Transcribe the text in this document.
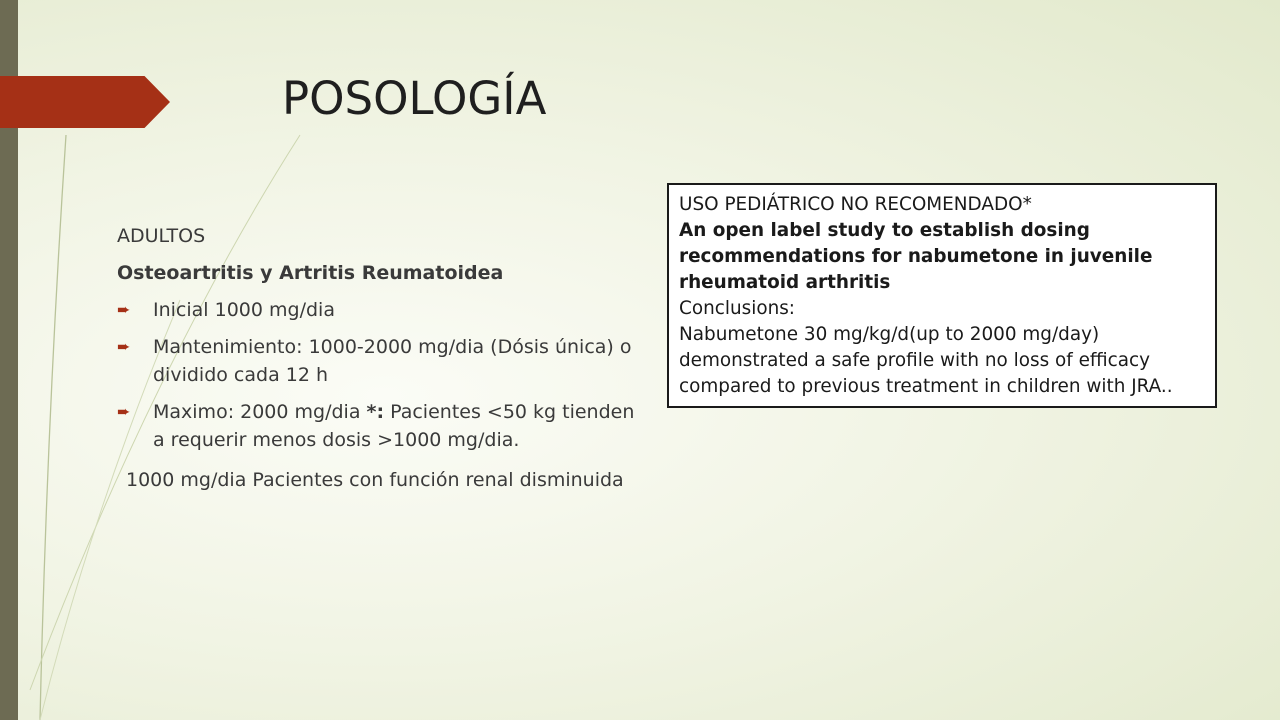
POSOLOGÍA

ADULTOS

Osteoartritis y Artritis Reumatoidea

➨ Inicial 1000 mg/dia
➨ Mantenimiento: 1000-2000 mg/dia (Dósis única) o dividido cada 12 h
➨ Maximo: 2000 mg/dia *: Pacientes <50 kg tienden a requerir menos dosis >1000 mg/dia.

1000 mg/dia Pacientes con función renal disminuida

USO PEDIÁTRICO NO RECOMENDADO*
An open label study to establish dosing recommendations for nabumetone in juvenile rheumatoid arthritis
Conclusions:
Nabumetone 30 mg/kg/d(up to 2000 mg/day) demonstrated a safe profile with no loss of efficacy compared to previous treatment in children with JRA..
